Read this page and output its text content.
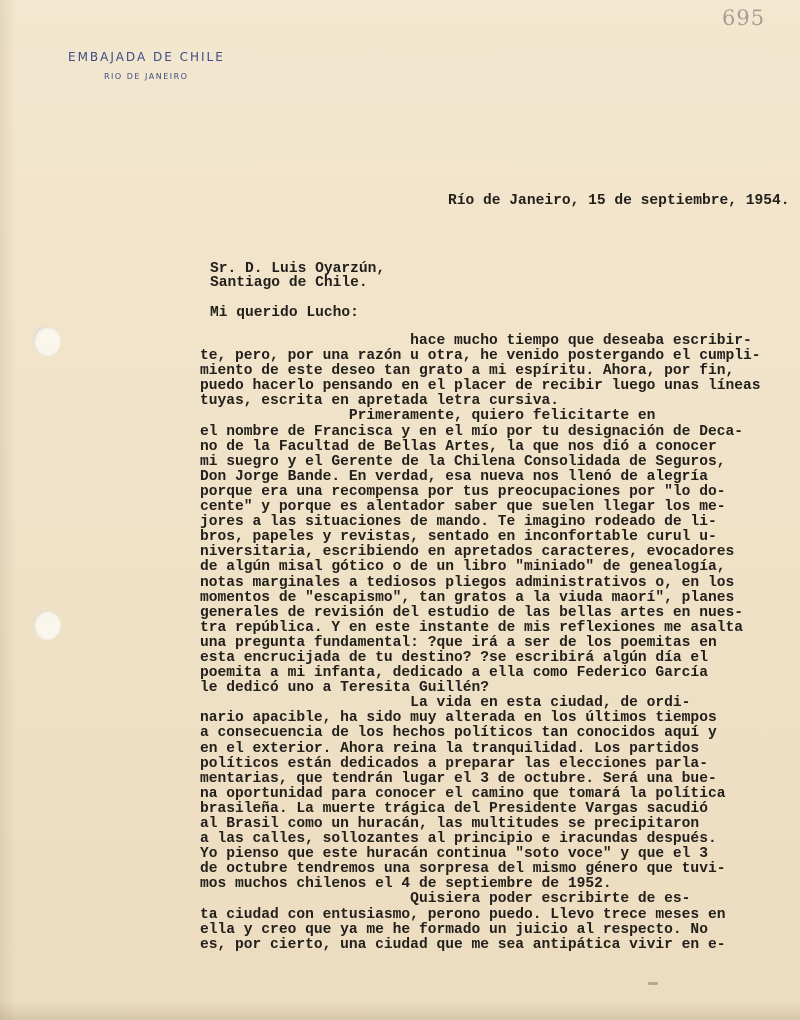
695
EMBAJADA DE CHILE
RIO DE JANEIRO
Río de Janeiro, 15 de septiembre, 1954.
Sr. D. Luis Oyarzún,
Santiago de Chile.
Mi querido Lucho:
hace mucho tiempo que deseaba escribir-
te, pero, por una razón u otra, he venido postergando el cumpli-
miento de este deseo tan grato a mi espíritu. Ahora, por fin,
puedo hacerlo pensando en el placer de recibir luego unas líneas
tuyas, escrita en apretada letra cursiva.
Primeramente, quiero felicitarte en
el nombre de Francisca y en el mío por tu designación de Deca-
no de la Facultad de Bellas Artes, la que nos dió a conocer
mi suegro y el Gerente de la Chilena Consolidada de Seguros,
Don Jorge Bande. En verdad, esa nueva nos llenó de alegría
porque era una recompensa por tus preocupaciones por "lo do-
cente" y porque es alentador saber que suelen llegar los me-
jores a las situaciones de mando. Te imagino rodeado de li-
bros, papeles y revistas, sentado en inconfortable curul u-
niversitaria, escribiendo en apretados caracteres, evocadores
de algún misal gótico o de un libro "miniado" de genealogía,
notas marginales a tediosos pliegos administrativos o, en los
momentos de "escapismo", tan gratos a la viuda maorí", planes
generales de revisión del estudio de las bellas artes en nues-
tra república. Y en este instante de mis reflexiones me asalta
una pregunta fundamental: ?que irá a ser de los poemitas en
esta encrucijada de tu destino? ?se escribirá algún día el
poemita a mi infanta, dedicado a ella como Federico García
le dedicó uno a Teresita Guillén?
La vida en esta ciudad, de ordi-
nario apacible, ha sido muy alterada en los últimos tiempos
a consecuencia de los hechos políticos tan conocidos aquí y
en el exterior. Ahora reina la tranquilidad. Los partidos
políticos están dedicados a preparar las elecciones parla-
mentarias, que tendrán lugar el 3 de octubre. Será una bue-
na oportunidad para conocer el camino que tomará la política
brasileña. La muerte trágica del Presidente Vargas sacudió
al Brasil como un huracán, las multitudes se precipitaron
a las calles, sollozantes al principio e iracundas después.
Yo pienso que este huracán continua "soto voce" y que el 3
de octubre tendremos una sorpresa del mismo género que tuvi-
mos muchos chilenos el 4 de septiembre de 1952.
Quisiera poder escribirte de es-
ta ciudad con entusiasmo, perono puedo. Llevo trece meses en
ella y creo que ya me he formado un juicio al respecto. No
es, por cierto, una ciudad que me sea antipática vivir en e-
